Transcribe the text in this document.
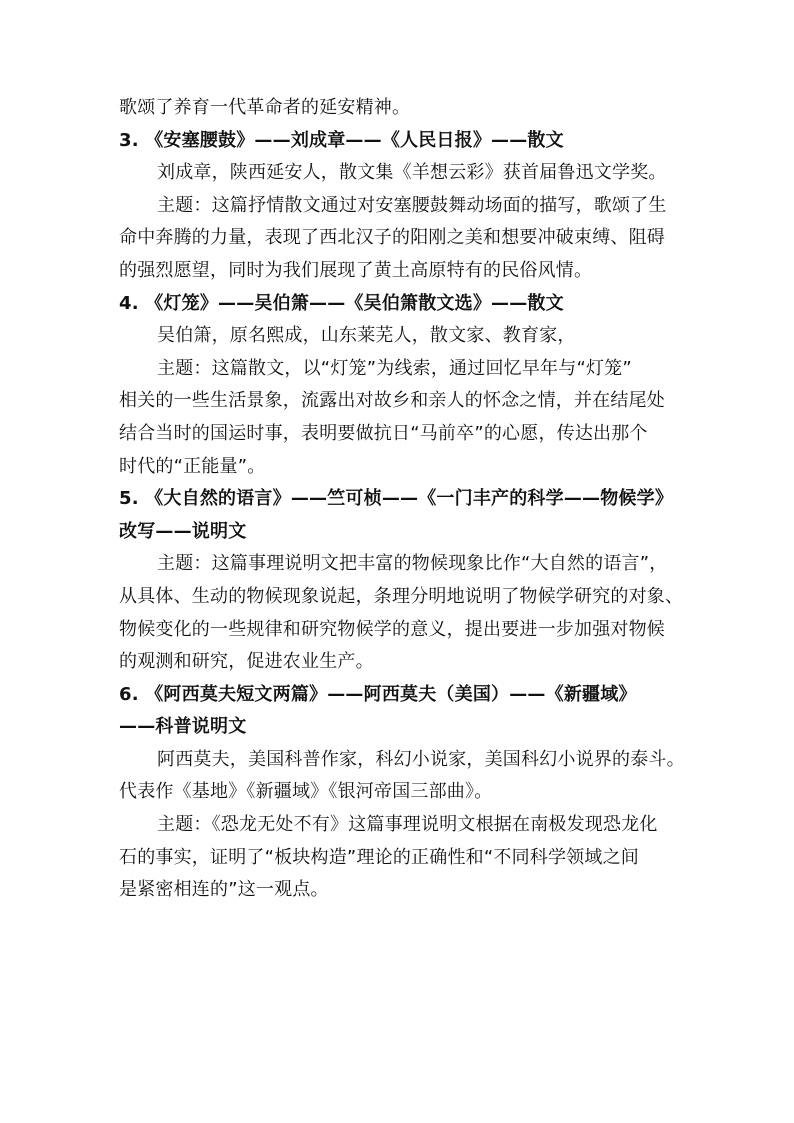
歌颂了养育一代革命者的延安精神。
3. 《安塞腰鼓》——刘成章——《人民日报》——散文
刘成章，陕西延安人，散文集《羊想云彩》获首届鲁迅文学奖。
主题：这篇抒情散文通过对安塞腰鼓舞动场面的描写，歌颂了生
命中奔腾的力量，表现了西北汉子的阳刚之美和想要冲破束缚、阻碍
的强烈愿望，同时为我们展现了黄土高原特有的民俗风情。
4. 《灯笼》——吴伯箫——《吴伯箫散文选》——散文
吴伯箫，原名熙成，山东莱芜人，散文家、教育家，
主题：这篇散文，以“灯笼”为线索，通过回忆早年与“灯笼”
相关的一些生活景象，流露出对故乡和亲人的怀念之情，并在结尾处
结合当时的国运时事，表明要做抗日“马前卒”的心愿，传达出那个
时代的“正能量”。
5. 《大自然的语言》——竺可桢——《一门丰产的科学——物候学》
改写——说明文
主题：这篇事理说明文把丰富的物候现象比作“大自然的语言”，
从具体、生动的物候现象说起，条理分明地说明了物候学研究的对象、
物候变化的一些规律和研究物候学的意义，提出要进一步加强对物候
的观测和研究，促进农业生产。
6. 《阿西莫夫短文两篇》——阿西莫夫（美国）——《新疆域》
——科普说明文
阿西莫夫，美国科普作家，科幻小说家，美国科幻小说界的泰斗。
代表作《基地》《新疆域》《银河帝国三部曲》。
主题：《恐龙无处不有》这篇事理说明文根据在南极发现恐龙化
石的事实，证明了“板块构造”理论的正确性和“不同科学领域之间
是紧密相连的”这一观点。
